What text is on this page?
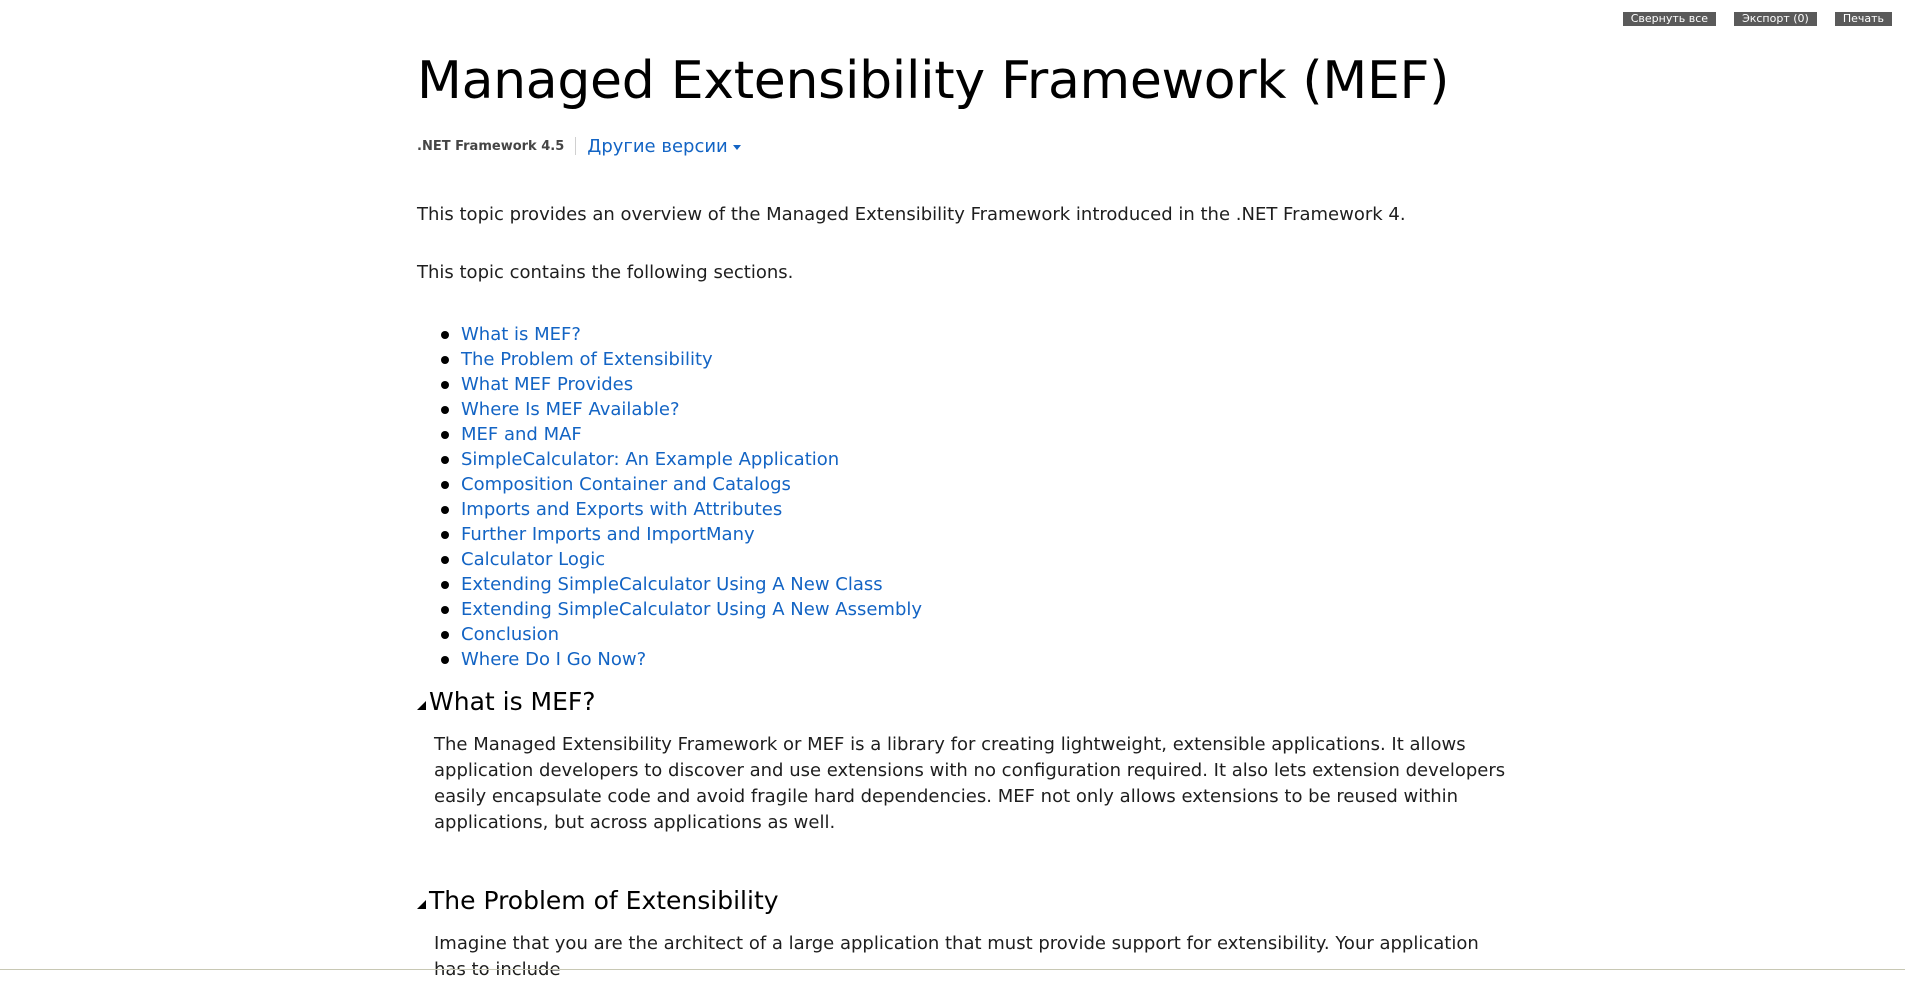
Свернуть все	Экспорт (0)	Печать
Managed Extensibility Framework (MEF)
.NET Framework 4.5 Другие версии

This topic provides an overview of the Managed Extensibility Framework introduced in the .NET Framework 4.

This topic contains the following sections.

What is MEF?
The Problem of Extensibility
What MEF Provides
Where Is MEF Available?
MEF and MAF
SimpleCalculator: An Example Application
Composition Container and Catalogs
Imports and Exports with Attributes
Further Imports and ImportMany
Calculator Logic
Extending SimpleCalculator Using A New Class
Extending SimpleCalculator Using A New Assembly
Conclusion
Where Do I Go Now?
What is MEF?
The Managed Extensibility Framework or MEF is a library for creating lightweight, extensible applications. It allows application developers to discover and use extensions with no configuration required. It also lets extension developers easily encapsulate code and avoid fragile hard dependencies. MEF not only allows extensions to be reused within applications, but across applications as well.
The Problem of Extensibility
Imagine that you are the architect of a large application that must provide support for extensibility. Your application has to include
